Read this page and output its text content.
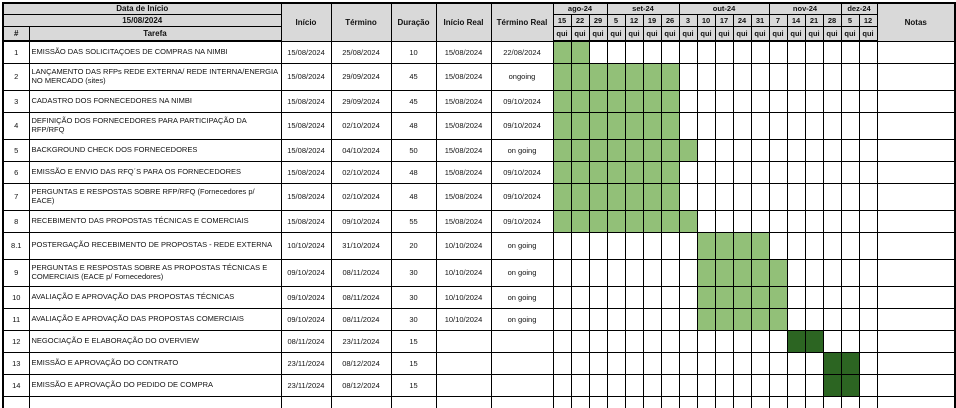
Data de Início		Início	Término	Duração	Início Real	Término Real	ago-24			set-24				out-24					nov-24				dez-24		Notas
15/08/2024							15	22	29	5	12	19	26	3	10	17	24	31	7	14	21	28	5	12	
#	Tarefa						qui	qui	qui	qui	qui	qui	qui	qui	qui	qui	qui	qui	qui	qui	qui	qui	qui	qui	
1	EMISSÃO DAS SOLICITAÇOES DE COMPRAS NA NIMBI	15/08/2024	25/08/2024	10	15/08/2024	22/08/2024																			
2	LANÇAMENTO DAS RFPs REDE EXTERNA/ REDE INTERNA/ENERGIA NO MERCADO (sites)	15/08/2024	29/09/2024	45	15/08/2024	ongoing																			
3	CADASTRO DOS FORNECEDORES NA NIMBI	15/08/2024	29/09/2024	45	15/08/2024	09/10/2024																			
4	DEFINIÇÃO DOS FORNECEDORES PARA PARTICIPAÇÃO DA RFP/RFQ	15/08/2024	02/10/2024	48	15/08/2024	09/10/2024																			
5	BACKGROUND CHECK DOS FORNECEDORES	15/08/2024	04/10/2024	50	15/08/2024	on going																			
6	EMISSÃO E ENVIO DAS RFQ´S PARA OS FORNECEDORES	15/08/2024	02/10/2024	48	15/08/2024	09/10/2024																			
7	PERGUNTAS E RESPOSTAS SOBRE RFP/RFQ (Fornecedores p/ EACE)	15/08/2024	02/10/2024	48	15/08/2024	09/10/2024																			
8	RECEBIMENTO DAS PROPOSTAS TÉCNICAS E COMERCIAIS	15/08/2024	09/10/2024	55	15/08/2024	09/10/2024																			
8.1	POSTERGAÇÃO RECEBIMENTO DE PROPOSTAS - REDE EXTERNA	10/10/2024	31/10/2024	20	10/10/2024	on going																			
9	PERGUNTAS E RESPOSTAS SOBRE AS PROPOSTAS TÉCNICAS E COMERCIAIS (EACE p/ Fornecedores)	09/10/2024	08/11/2024	30	10/10/2024	on going																			
10	AVALIAÇÃO E APROVAÇÃO DAS PROPOSTAS TÉCNICAS	09/10/2024	08/11/2024	30	10/10/2024	on going																			
11	AVALIAÇÃO E APROVAÇÃO DAS PROPOSTAS COMERCIAIS	09/10/2024	08/11/2024	30	10/10/2024	on going																			
12	NEGOCIAÇÃO E ELABORAÇÃO DO OVERVIEW	08/11/2024	23/11/2024	15																					
13	EMISSÃO E APROVAÇÃO DO CONTRATO	23/11/2024	08/12/2024	15																					
14	EMISSÃO E APROVAÇÃO DO PEDIDO DE COMPRA	23/11/2024	08/12/2024	15																					
